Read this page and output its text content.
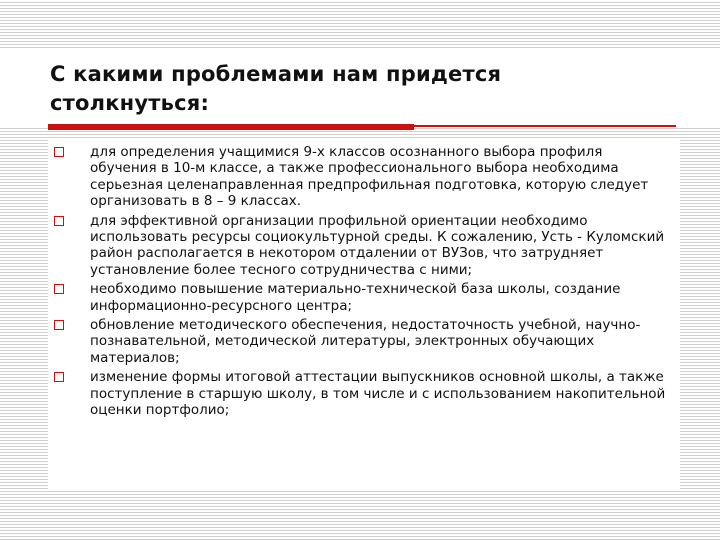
С какими проблемами нам придется столкнуться:
для определения учащимися 9-х классов осознанного выбора профиля обучения в 10-м классе, а также профессионального выбора необходима серьезная целенаправленная предпрофильная подготовка, которую следует организовать в 8 – 9 классах.
для эффективной организации профильной ориентации необходимо использовать ресурсы социокультурной среды. К сожалению, Усть - Куломский район располагается в некотором отдалении от ВУЗов, что затрудняет установление более тесного сотрудничества с ними;
необходимо повышение материально-технической база школы, создание информационно-ресурсного центра;
обновление методического обеспечения, недостаточность учебной, научно-познавательной, методической литературы, электронных обучающих материалов;
изменение формы итоговой аттестации выпускников основной школы, а также поступление в старшую школу, в том числе и с использованием накопительной оценки портфолио;
